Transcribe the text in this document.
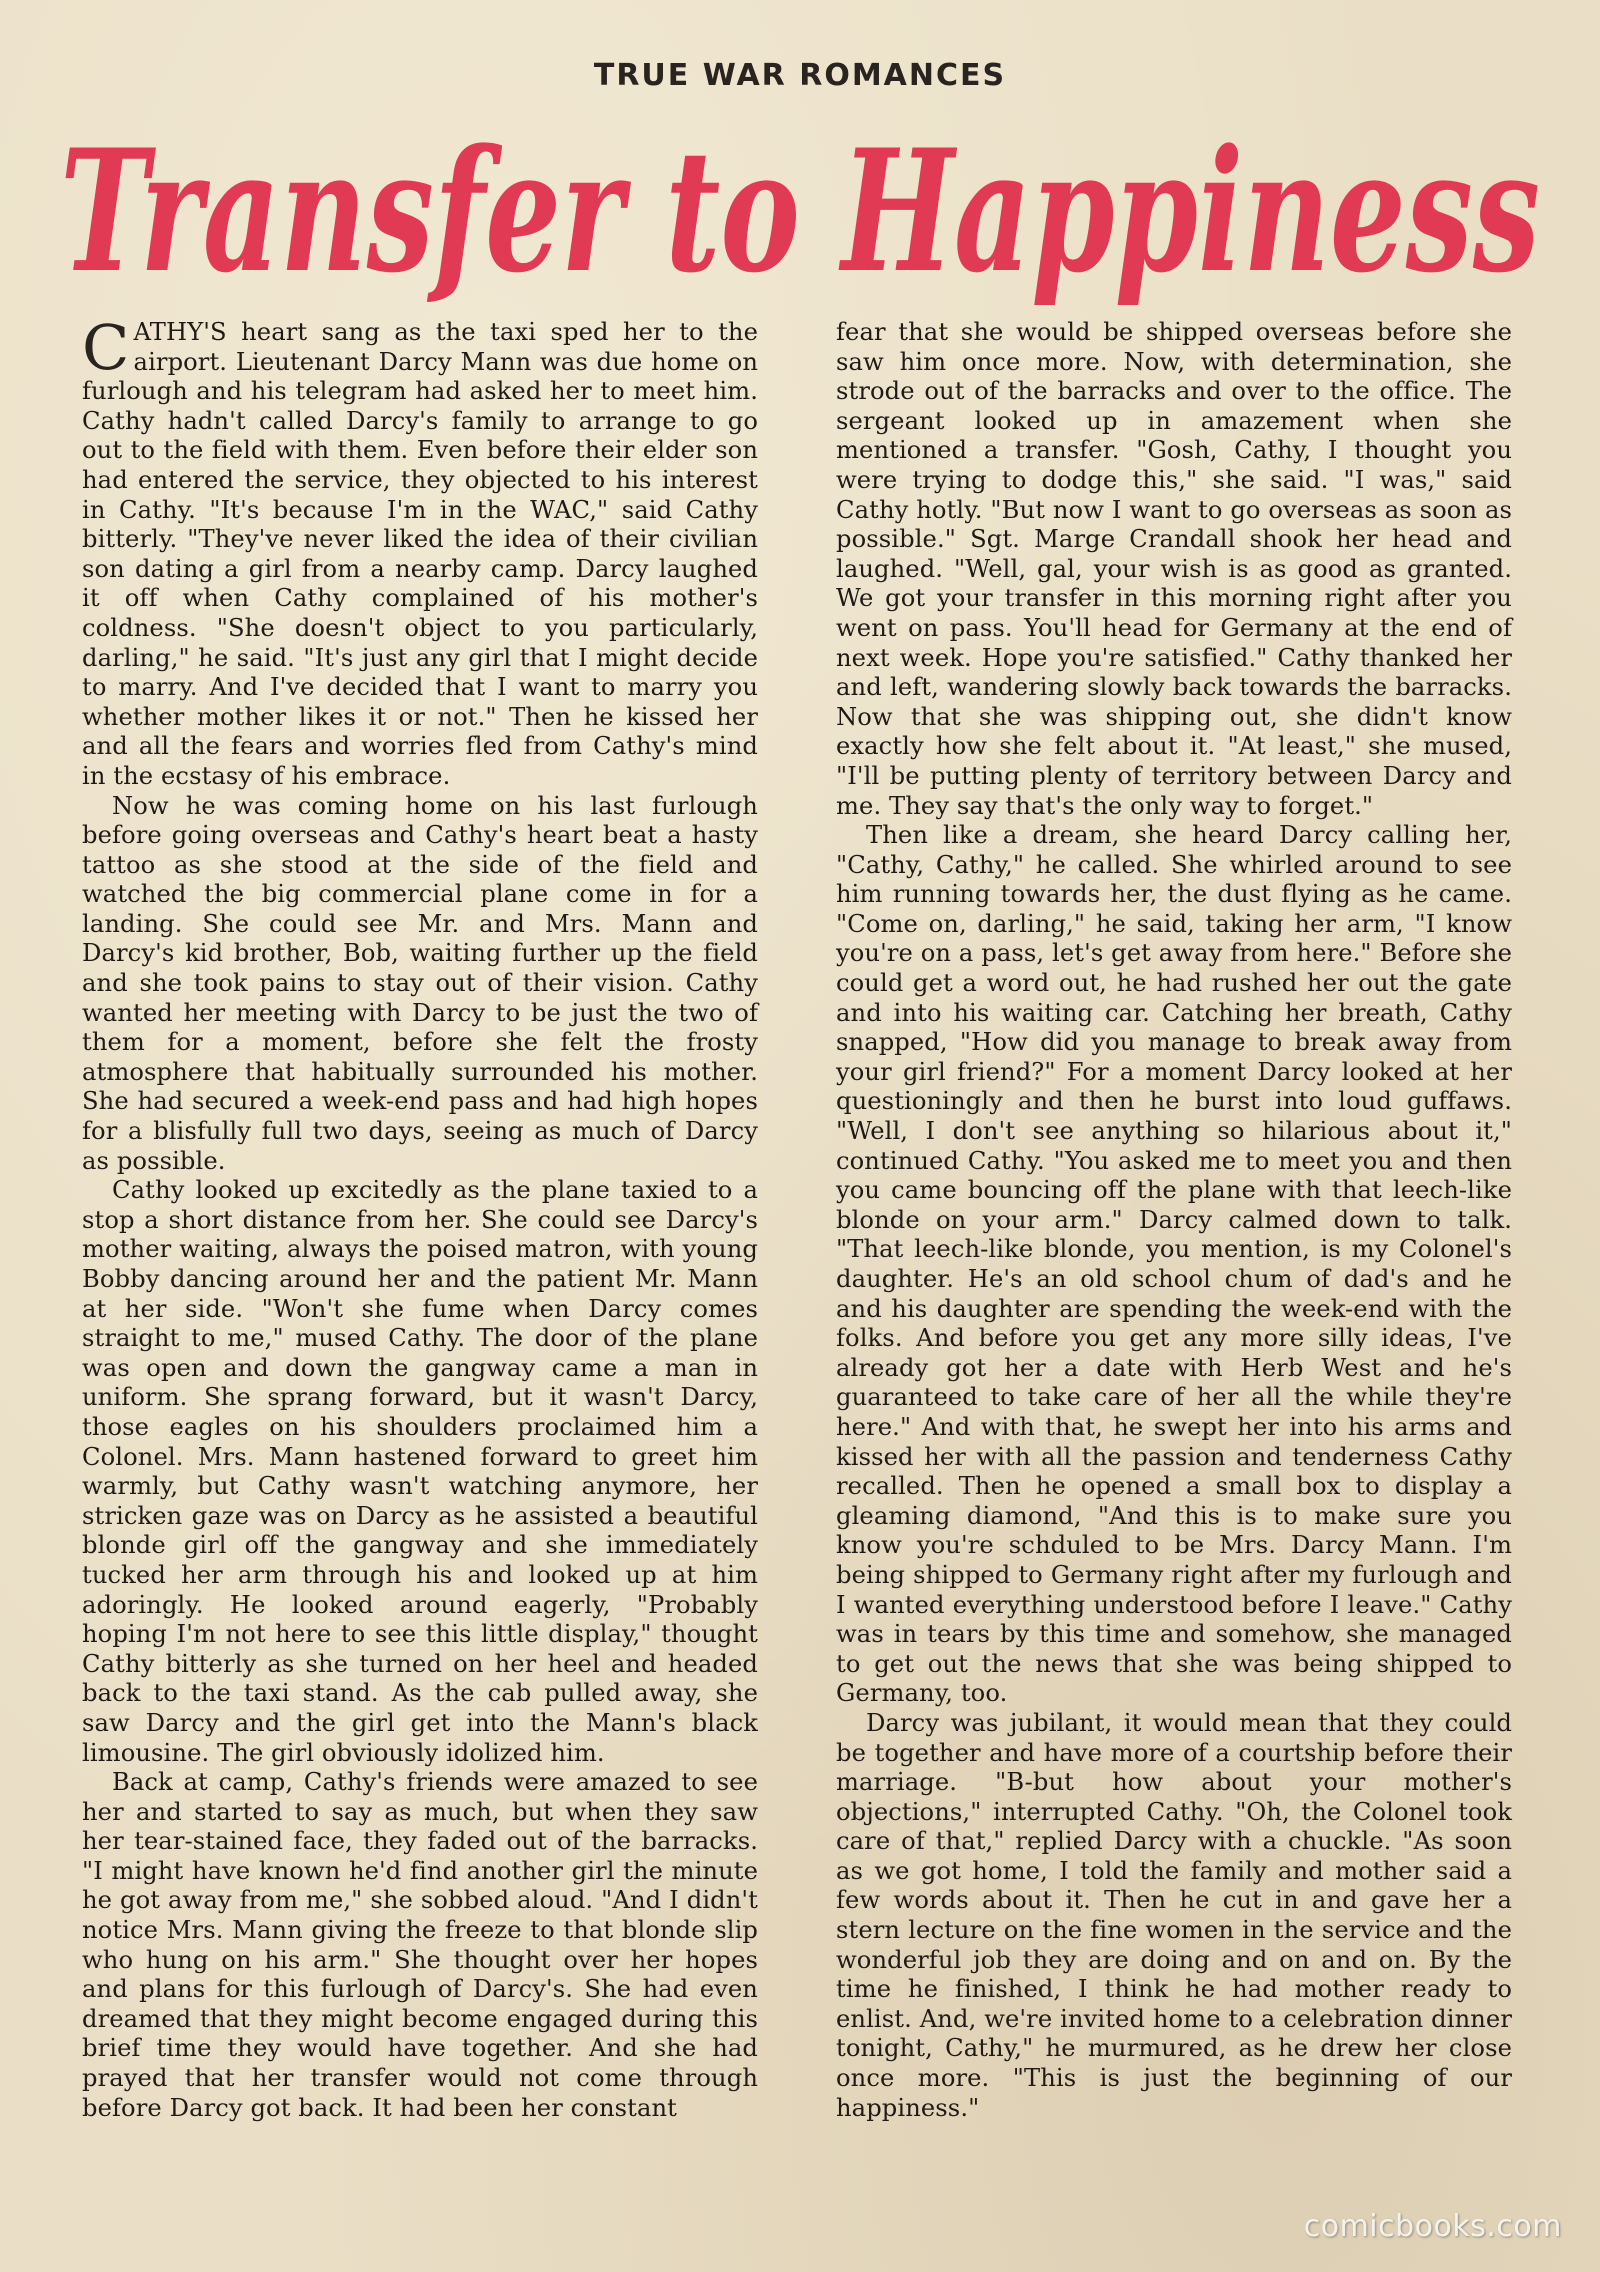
TRUE WAR ROMANCES
Transfer to Happiness

CATHY'S heart sang as the taxi sped her to the airport. Lieutenant Darcy Mann was due home on furlough and his telegram had asked her to meet him. Cathy hadn't called Darcy's family to arrange to go out to the field with them. Even before their elder son had entered the service, they objected to his interest in Cathy. "It's because I'm in the WAC," said Cathy bitterly. "They've never liked the idea of their civilian son dating a girl from a nearby camp. Darcy laughed it off when Cathy complained of his mother's coldness. "She doesn't object to you particularly, darling," he said. "It's just any girl that I might decide to marry. And I've decided that I want to marry you whether mother likes it or not." Then he kissed her and all the fears and worries fled from Cathy's mind in the ecstasy of his embrace.

Now he was coming home on his last furlough before going overseas and Cathy's heart beat a hasty tattoo as she stood at the side of the field and watched the big commercial plane come in for a landing. She could see Mr. and Mrs. Mann and Darcy's kid brother, Bob, waiting further up the field and she took pains to stay out of their vision. Cathy wanted her meeting with Darcy to be just the two of them for a moment, before she felt the frosty atmosphere that habitually surrounded his mother. She had secured a week-end pass and had high hopes for a blisfully full two days, seeing as much of Darcy as possible.

Cathy looked up excitedly as the plane taxied to a stop a short distance from her. She could see Darcy's mother waiting, always the poised matron, with young Bobby dancing around her and the patient Mr. Mann at her side. "Won't she fume when Darcy comes straight to me," mused Cathy. The door of the plane was open and down the gangway came a man in uniform. She sprang forward, but it wasn't Darcy, those eagles on his shoulders proclaimed him a Colonel. Mrs. Mann hastened forward to greet him warmly, but Cathy wasn't watching anymore, her stricken gaze was on Darcy as he assisted a beautiful blonde girl off the gangway and she immediately tucked her arm through his and looked up at him adoringly. He looked around eagerly, "Probably hoping I'm not here to see this little display," thought Cathy bitterly as she turned on her heel and headed back to the taxi stand. As the cab pulled away, she saw Darcy and the girl get into the Mann's black limousine. The girl obviously idolized him.

Back at camp, Cathy's friends were amazed to see her and started to say as much, but when they saw her tear-stained face, they faded out of the barracks. "I might have known he'd find another girl the minute he got away from me," she sobbed aloud. "And I didn't notice Mrs. Mann giving the freeze to that blonde slip who hung on his arm." She thought over her hopes and plans for this furlough of Darcy's. She had even dreamed that they might become engaged during this brief time they would have together. And she had prayed that her transfer would not come through before Darcy got back. It had been her constant

fear that she would be shipped overseas before she saw him once more. Now, with determination, she strode out of the barracks and over to the office. The sergeant looked up in amazement when she mentioned a transfer. "Gosh, Cathy, I thought you were trying to dodge this," she said. "I was," said Cathy hotly. "But now I want to go overseas as soon as possible." Sgt. Marge Crandall shook her head and laughed. "Well, gal, your wish is as good as granted. We got your transfer in this morning right after you went on pass. You'll head for Germany at the end of next week. Hope you're satisfied." Cathy thanked her and left, wandering slowly back towards the barracks. Now that she was shipping out, she didn't know exactly how she felt about it. "At least," she mused, "I'll be putting plenty of territory between Darcy and me. They say that's the only way to forget."

Then like a dream, she heard Darcy calling her, "Cathy, Cathy," he called. She whirled around to see him running towards her, the dust flying as he came. "Come on, darling," he said, taking her arm, "I know you're on a pass, let's get away from here." Before she could get a word out, he had rushed her out the gate and into his waiting car. Catching her breath, Cathy snapped, "How did you manage to break away from your girl friend?" For a moment Darcy looked at her questioningly and then he burst into loud guffaws. "Well, I don't see anything so hilarious about it," continued Cathy. "You asked me to meet you and then you came bouncing off the plane with that leech-like blonde on your arm." Darcy calmed down to talk. "That leech-like blonde, you mention, is my Colonel's daughter. He's an old school chum of dad's and he and his daughter are spending the week-end with the folks. And before you get any more silly ideas, I've already got her a date with Herb West and he's guaranteed to take care of her all the while they're here." And with that, he swept her into his arms and kissed her with all the passion and tenderness Cathy recalled. Then he opened a small box to display a gleaming diamond, "And this is to make sure you know you're schduled to be Mrs. Darcy Mann. I'm being shipped to Germany right after my furlough and I wanted everything understood before I leave." Cathy was in tears by this time and somehow, she managed to get out the news that she was being shipped to Germany, too.

Darcy was jubilant, it would mean that they could be together and have more of a courtship before their marriage. "B-but how about your mother's objections," interrupted Cathy. "Oh, the Colonel took care of that," replied Darcy with a chuckle. "As soon as we got home, I told the family and mother said a few words about it. Then he cut in and gave her a stern lecture on the fine women in the service and the wonderful job they are doing and on and on. By the time he finished, I think he had mother ready to enlist. And, we're invited home to a celebration dinner tonight, Cathy," he murmured, as he drew her close once more. "This is just the beginning of our happiness."

comicbooks.com
